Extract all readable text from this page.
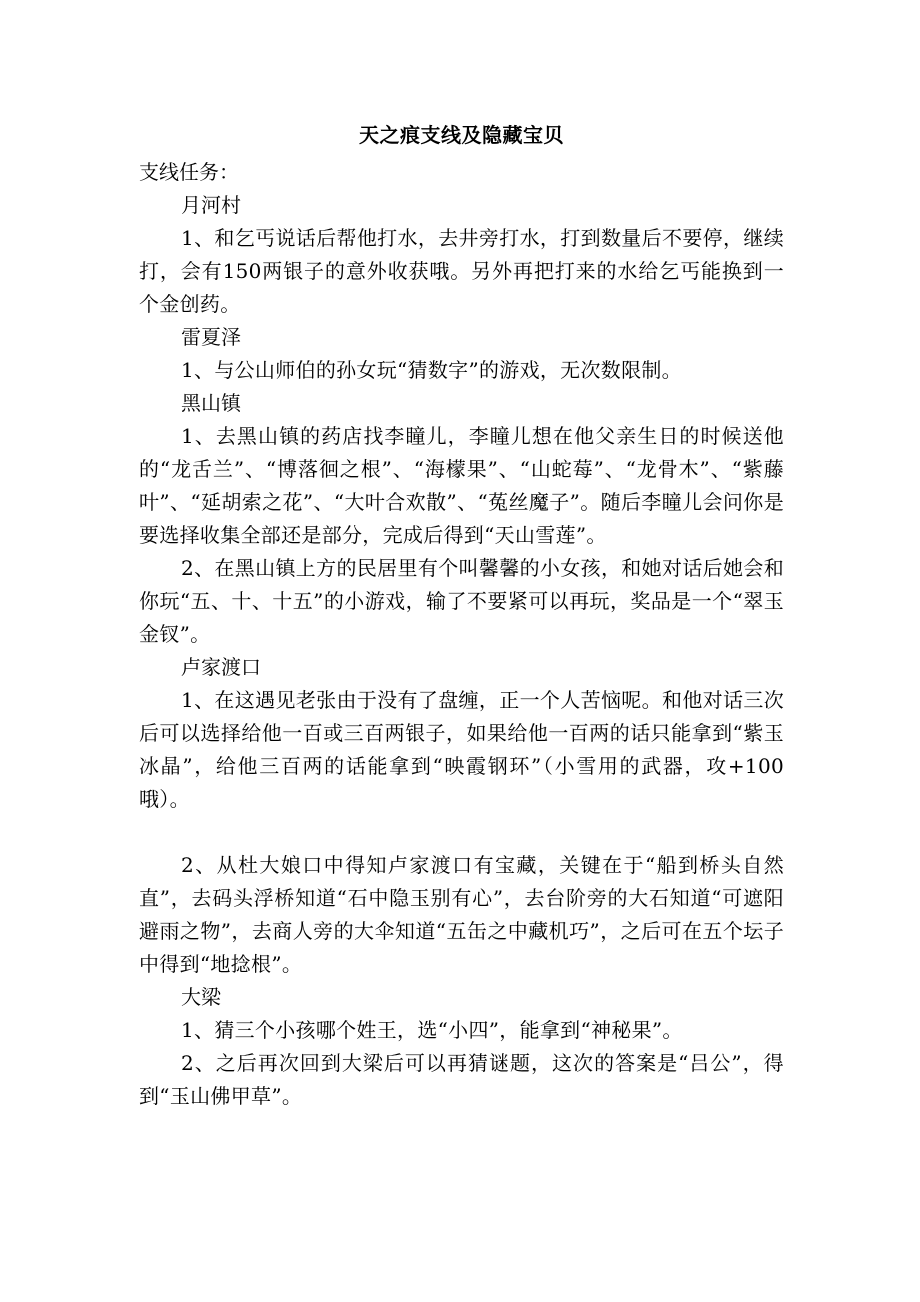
天之痕支线及隐藏宝贝
支线任务：
月河村

1、和乞丐说话后帮他打水，去井旁打水，打到数量后不要停，继续打，会有150两银子的意外收获哦。另外再把打来的水给乞丐能换到一个金创药。

雷夏泽

1、与公山师伯的孙女玩“猜数字”的游戏，无次数限制。

黑山镇

1、去黑山镇的药店找李瞳儿，李瞳儿想在他父亲生日的时候送他的“龙舌兰”、“博落徊之根”、“海檬果”、“山蛇莓”、“龙骨木”、“紫藤叶”、“延胡索之花”、“大叶合欢散”、“菟丝魔子”。随后李瞳儿会问你是要选择收集全部还是部分，完成后得到“天山雪莲”。

2、在黑山镇上方的民居里有个叫馨馨的小女孩，和她对话后她会和你玩“五、十、十五”的小游戏，输了不要紧可以再玩，奖品是一个“翠玉金钗”。

卢家渡口

1、在这遇见老张由于没有了盘缠，正一个人苦恼呢。和他对话三次后可以选择给他一百或三百两银子，如果给他一百两的话只能拿到“紫玉冰晶”，给他三百两的话能拿到“映霞钢环”（小雪用的武器，攻+100哦）。

2、从杜大娘口中得知卢家渡口有宝藏，关键在于“船到桥头自然直”，去码头浮桥知道“石中隐玉别有心”，去台阶旁的大石知道“可遮阳避雨之物”，去商人旁的大伞知道“五缶之中藏机巧”，之后可在五个坛子中得到“地捻根”。

大梁

1、猜三个小孩哪个姓王，选“小四”，能拿到“神秘果”。

2、之后再次回到大梁后可以再猜谜题，这次的答案是“吕公”，得到“玉山佛甲草”。
